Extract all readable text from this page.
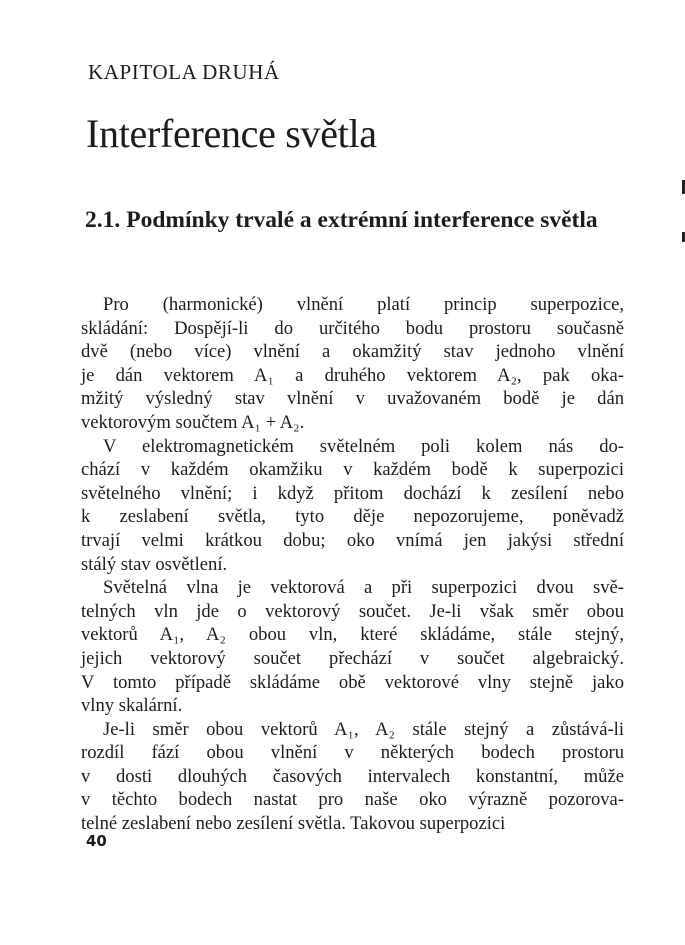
KAPITOLA DRUHÁ
Interference světla
2.1. Podmínky trvalé a extrémní interference světla
Pro (harmonické) vlnění platí princip superpozice,
skládání: Dospějí-li do určitého bodu prostoru současně
dvě (nebo více) vlnění a okamžitý stav jednoho vlnění
je dán vektorem A₁ a druhého vektorem A₂, pak oka-
mžitý výsledný stav vlnění v uvažovaném bodě je dán
vektorovým součtem A₁ + A₂.
V elektromagnetickém světelném poli kolem nás do-
chází v každém okamžiku v každém bodě k superpozici
světelného vlnění; i když přitom dochází k zesílení nebo
k zeslabení světla, tyto děje nepozorujeme, poněvadž
trvají velmi krátkou dobu; oko vnímá jen jakýsi střední
stálý stav osvětlení.
Světelná vlna je vektorová a při superpozici dvou svě-
telných vln jde o vektorový součet. Je-li však směr obou
vektorů A₁, A₂ obou vln, které skládáme, stále stejný,
jejich vektorový součet přechází v součet algebraický.
V tomto případě skládáme obě vektorové vlny stejně jako
vlny skalární.
Je-li směr obou vektorů A₁, A₂ stále stejný a zůstává-li
rozdíl fází obou vlnění v některých bodech prostoru
v dosti dlouhých časových intervalech konstantní, může
v těchto bodech nastat pro naše oko výrazně pozorova-
telné zeslabení nebo zesílení světla. Takovou superpozici
40
